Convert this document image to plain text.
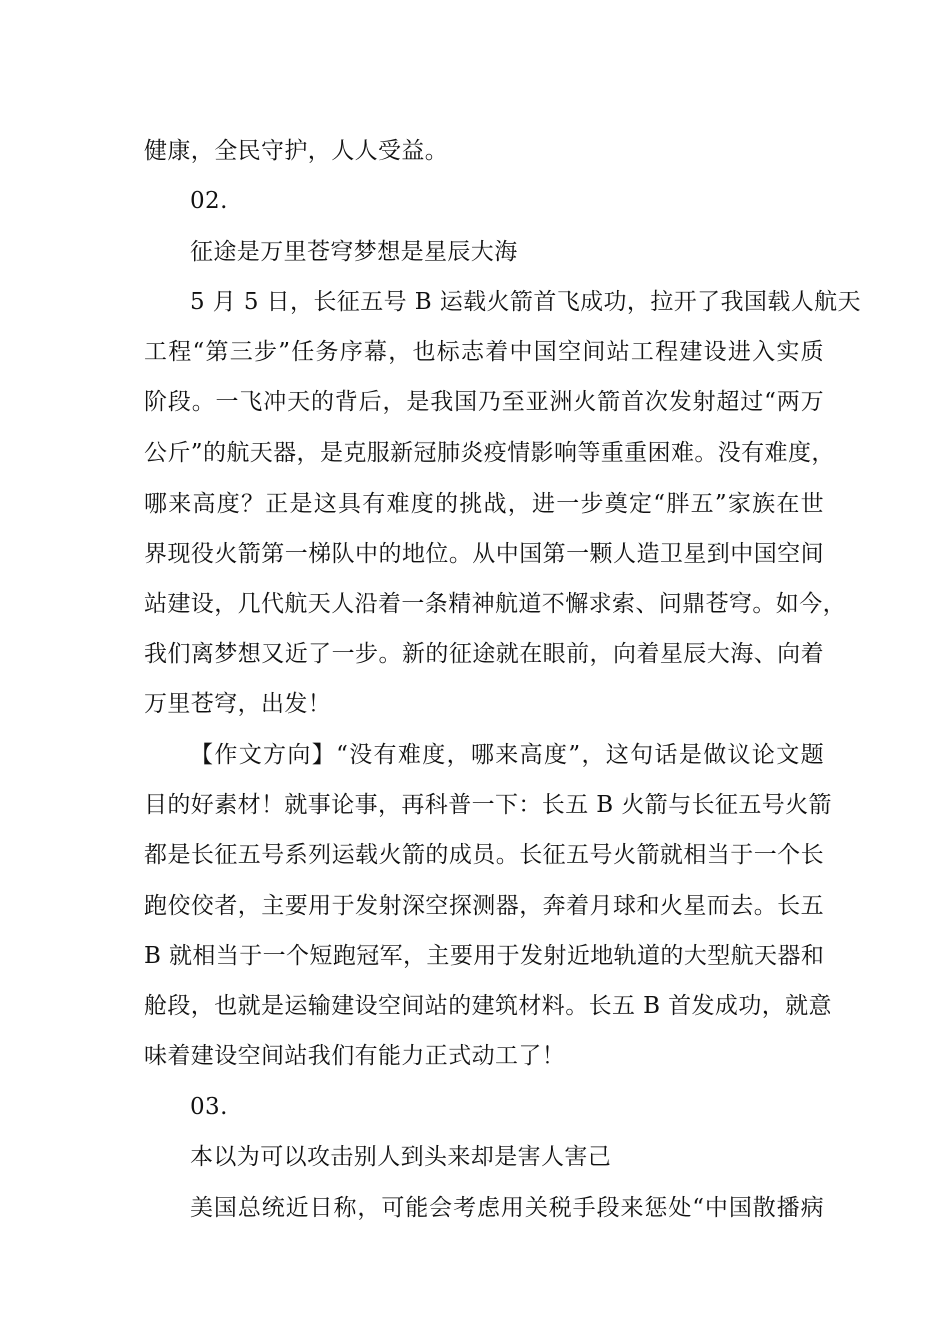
健康，全民守护，人人受益。
02.
征途是万里苍穹梦想是星辰大海
5 月 5 日，长征五号 B 运载火箭首飞成功，拉开了我国载人航天
工程“第三步”任务序幕，也标志着中国空间站工程建设进入实质
阶段。一飞冲天的背后，是我国乃至亚洲火箭首次发射超过“两万
公斤”的航天器，是克服新冠肺炎疫情影响等重重困难。没有难度，
哪来高度？正是这具有难度的挑战，进一步奠定“胖五”家族在世
界现役火箭第一梯队中的地位。从中国第一颗人造卫星到中国空间
站建设，几代航天人沿着一条精神航道不懈求索、问鼎苍穹。如今，
我们离梦想又近了一步。新的征途就在眼前，向着星辰大海、向着
万里苍穹，出发！
【作文方向】“没有难度，哪来高度”，这句话是做议论文题
目的好素材！就事论事，再科普一下：长五 B 火箭与长征五号火箭
都是长征五号系列运载火箭的成员。长征五号火箭就相当于一个长
跑佼佼者，主要用于发射深空探测器，奔着月球和火星而去。长五
B 就相当于一个短跑冠军，主要用于发射近地轨道的大型航天器和
舱段，也就是运输建设空间站的建筑材料。长五 B 首发成功，就意
味着建设空间站我们有能力正式动工了！
03.
本以为可以攻击别人到头来却是害人害己
美国总统近日称，可能会考虑用关税手段来惩处“中国散播病
